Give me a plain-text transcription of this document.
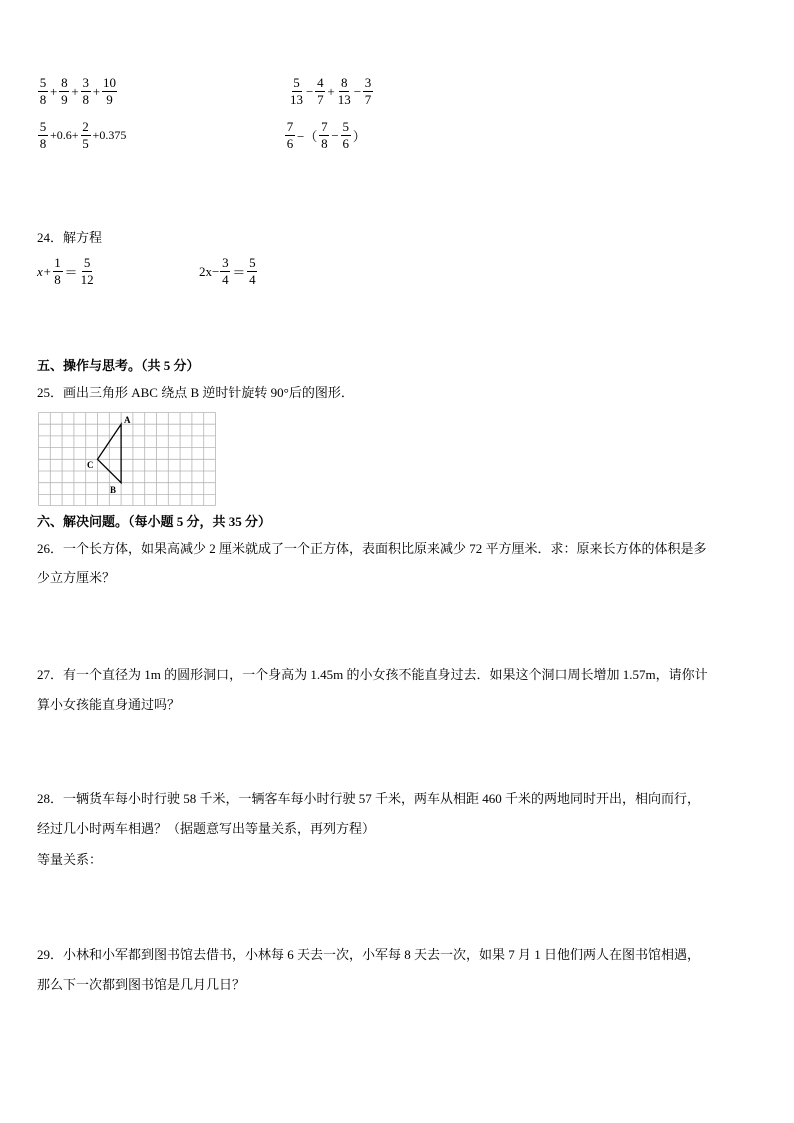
$\frac{5}{8} + \frac{8}{9} + \frac{3}{8} + \frac{10}{9}$	$\frac{5}{13} - \frac{4}{7} + \frac{8}{13} - \frac{3}{7}$
$\frac{5}{8} +0.6+ \frac{2}{5} +0.375$	$\frac{7}{6}$ −（ $\frac{7}{8} - \frac{5}{6}$ ）
24．解方程
$x+ \frac{1}{8} = \frac{5}{12}$	$2x- \frac{3}{4} = \frac{5}{4}$
五、操作与思考。（共 5 分）
25．画出三角形 ABC 绕点 B 逆时针旋转 90°后的图形．
A
B
C
六、解决问题。（每小题 5 分，共 35 分）
26．一个长方体，如果高减少 2 厘米就成了一个正方体，表面积比原来减少 72 平方厘米．求：原来长方体的体积是多
少立方厘米？
27．有一个直径为 1m 的圆形洞口，一个身高为 1.45m 的小女孩不能直身过去．如果这个洞口周长增加 1.57m，请你计
算小女孩能直身通过吗？
28．一辆货车每小时行驶 58 千米，一辆客车每小时行驶 57 千米，两车从相距 460 千米的两地同时开出，相向而行，
经过几小时两车相遇？（据题意写出等量关系，再列方程）
等量关系：
29．小林和小军都到图书馆去借书，小林每 6 天去一次，小军每 8 天去一次，如果 7 月 1 日他们两人在图书馆相遇，
那么下一次都到图书馆是几月几日？
